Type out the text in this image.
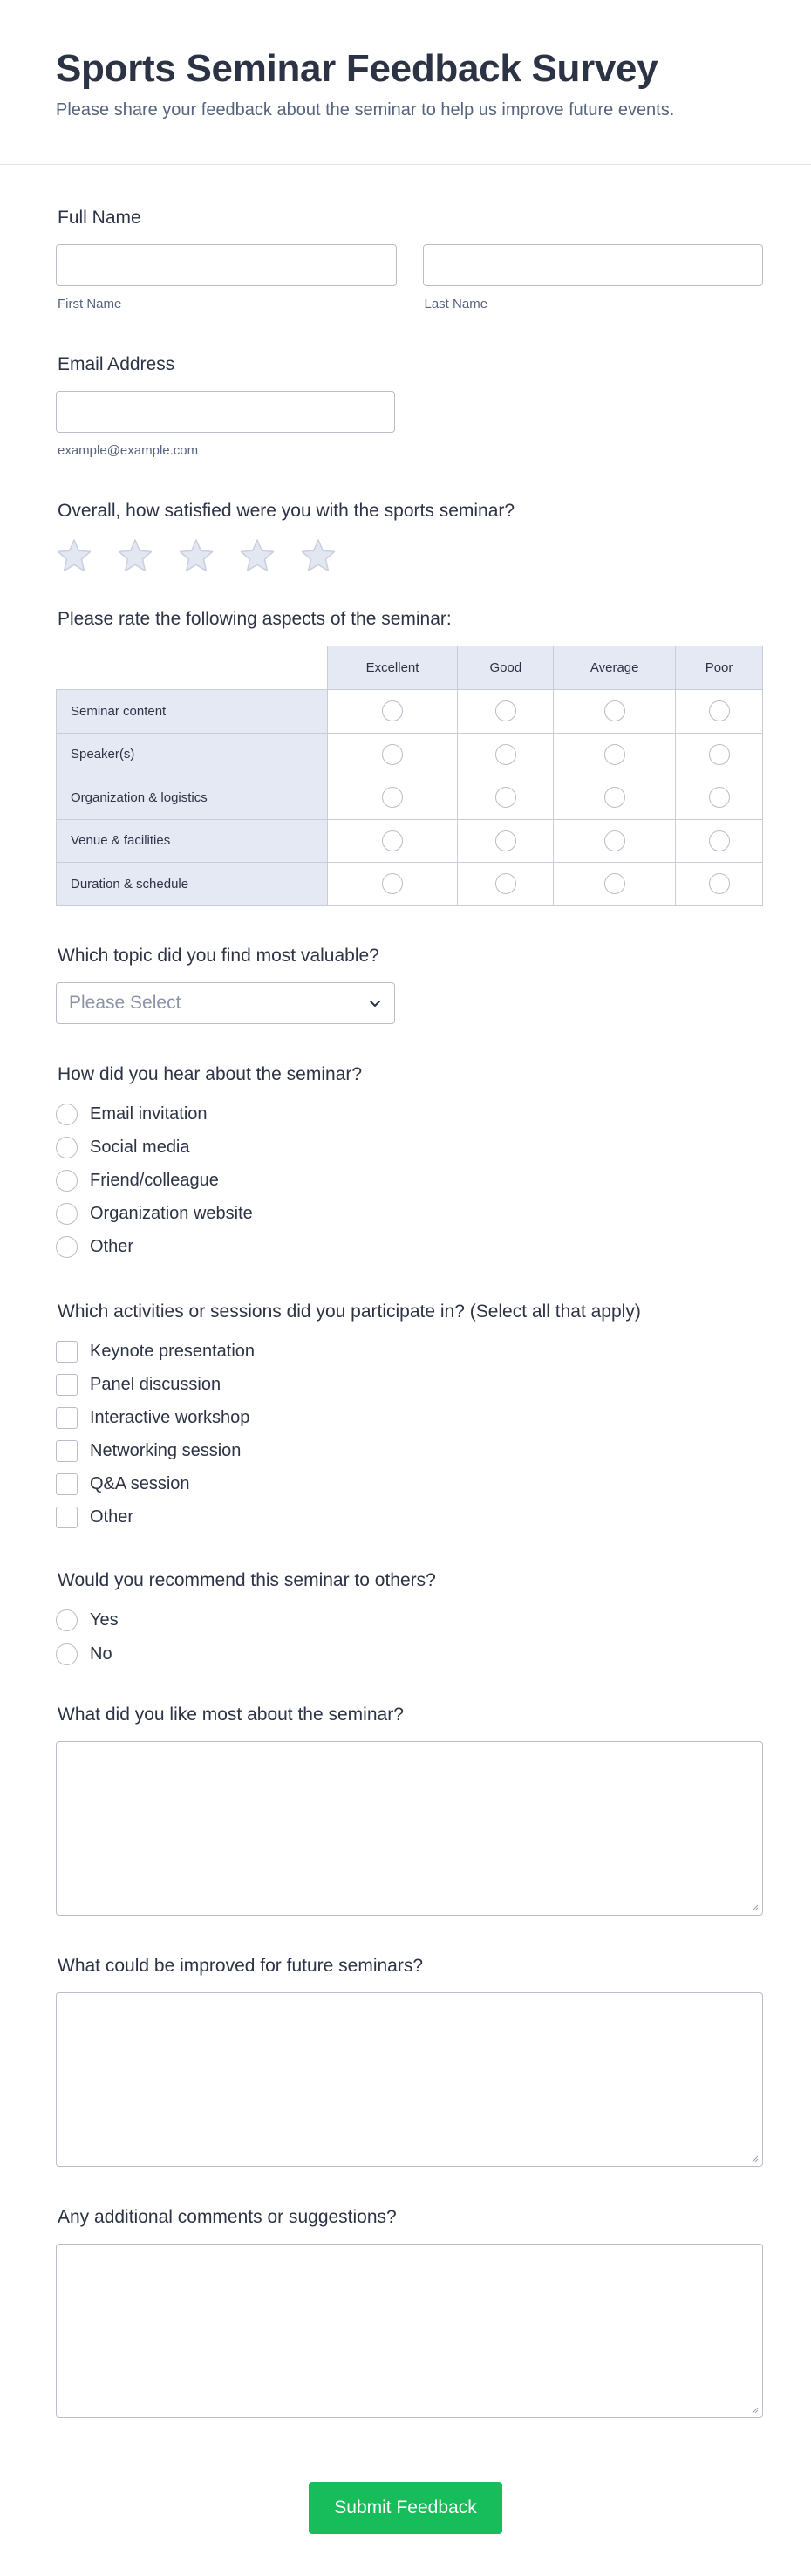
Sports Seminar Feedback Survey

Please share your feedback about the seminar to help us improve future events.

Full Name
First Name	Last Name
Email Address
example@example.com
Overall, how satisfied were you with the sports seminar?
Please rate the following aspects of the seminar:
	Excellent	Good	Average	Poor
Seminar content				
Speaker(s)				
Organization & logistics				
Venue & facilities				
Duration & schedule				
Which topic did you find most valuable?
Please Select
How did you hear about the seminar?
Email invitation
Social media
Friend/colleague
Organization website
Other
Which activities or sessions did you participate in? (Select all that apply)
Keynote presentation
Panel discussion
Interactive workshop
Networking session
Q&A session
Other
Would you recommend this seminar to others?
Yes
No
What did you like most about the seminar?
What could be improved for future seminars?
Any additional comments or suggestions?
Submit Feedback
